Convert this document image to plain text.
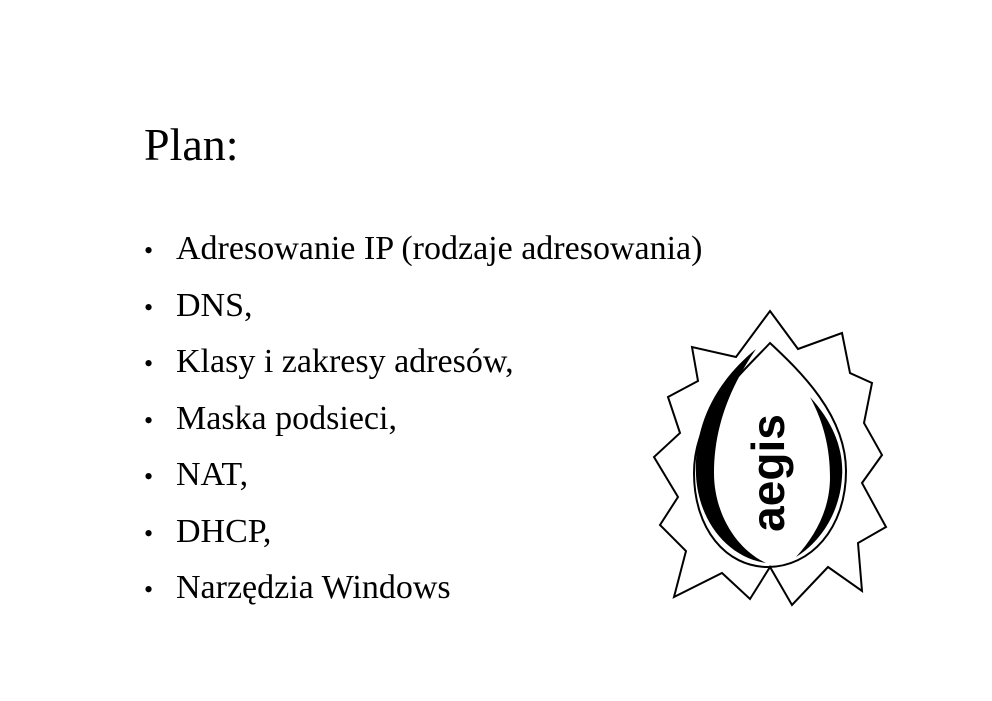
Plan:
• Adresowanie IP (rodzaje adresowania)
• DNS,
• Klasy i zakresy adresów,
• Maska podsieci,
• NAT,
• DHCP,
• Narzędzia Windows
aegis
